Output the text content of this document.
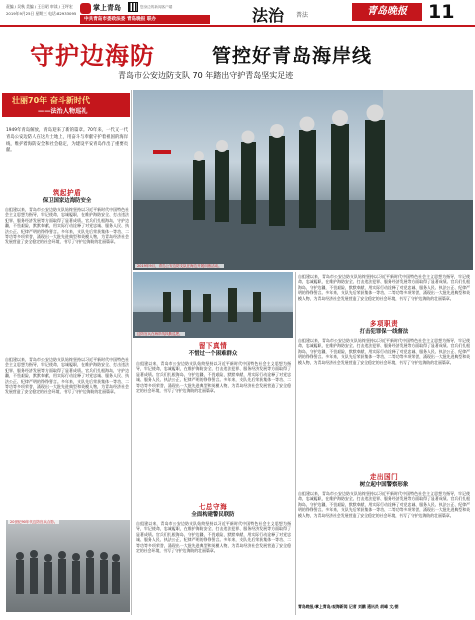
责编 / 吴秋 美编 / 王日昭 审读 / 王坪宏
2019年9月25日 星期三 电话:82933095
掌上青岛	您身边的新闻客户端
中共青岛市委政法委 青岛晚报 联办	法治 普法	青岛晚报	11
守护边海防	管控好青岛海岸线
青岛市公安边防支队 70 年踏出守护青岛坚实足迹
壮丽70年 奋斗新时代
——法治人物巡礼
1949年青岛解放，青岛迎来了新的篇章。70年来，一代又一代青岛公安边防人在这片土地上，用奋斗与奉献守护着祖国的海岸线，维护着海防安全和社会稳定，为建设平安青岛作出了重要贡献。
筑起护盾
保卫国家边海防安全
自组建以来，青岛市公安边防支队始终坚持以习近平新时代中国特色社会主义思想为指导，牢记使命，忠诚履职，在维护海防安全、打击违法犯罪、服务经济发展等方面取得了显著成绩。官兵们扎根海岛，守护边疆，不畏艰险，默默奉献，用实际行动诠释了对党忠诚、服务人民、执法公正、纪律严明的铮铮誓言。多年来，支队先后荣获集体一等功、二等功等多项荣誉，涌现出一大批先进典型和英模人物，为青岛经济社会发展营造了安全稳定的社会环境，书写了守护边海防的壮丽篇章。
自组建以来，青岛市公安边防支队始终坚持以习近平新时代中国特色社会主义思想为指导，牢记使命，忠诚履职，在维护海防安全、打击违法犯罪、服务经济发展等方面取得了显著成绩。官兵们扎根海岛，守护边疆，不畏艰险，默默奉献，用实际行动诠释了对党忠诚、服务人民、执法公正、纪律严明的铮铮誓言。多年来，支队先后荣获集体一等功、二等功等多项荣誉，涌现出一大批先进典型和英模人物，为青岛经济社会发展营造了安全稳定的社会环境，书写了守护边海防的壮丽篇章。
20世纪90年代边防官兵合影。
2019年9月，青岛公安边防支队在海边开展训练活动。
边防官兵在海岸线执勤巡逻。
留下真情
不惜过一个困难群众
自组建以来，青岛市公安边防支队始终坚持以习近平新时代中国特色社会主义思想为指导，牢记使命，忠诚履职，在维护海防安全、打击违法犯罪、服务经济发展等方面取得了显著成绩。官兵们扎根海岛，守护边疆，不畏艰险，默默奉献，用实际行动诠释了对党忠诚、服务人民、执法公正、纪律严明的铮铮誓言。多年来，支队先后荣获集体一等功、二等功等多项荣誉，涌现出一大批先进典型和英模人物，为青岛经济社会发展营造了安全稳定的社会环境，书写了守护边海防的壮丽篇章。
七总守海
全面构建警民联防
自组建以来，青岛市公安边防支队始终坚持以习近平新时代中国特色社会主义思想为指导，牢记使命，忠诚履职，在维护海防安全、打击违法犯罪、服务经济发展等方面取得了显著成绩。官兵们扎根海岛，守护边疆，不畏艰险，默默奉献，用实际行动诠释了对党忠诚、服务人民、执法公正、纪律严明的铮铮誓言。多年来，支队先后荣获集体一等功、二等功等多项荣誉，涌现出一大批先进典型和英模人物，为青岛经济社会发展营造了安全稳定的社会环境，书写了守护边海防的壮丽篇章。
自组建以来，青岛市公安边防支队始终坚持以习近平新时代中国特色社会主义思想为指导，牢记使命，忠诚履职，在维护海防安全、打击违法犯罪、服务经济发展等方面取得了显著成绩。官兵们扎根海岛，守护边疆，不畏艰险，默默奉献，用实际行动诠释了对党忠诚、服务人民、执法公正、纪律严明的铮铮誓言。多年来，支队先后荣获集体一等功、二等功等多项荣誉，涌现出一大批先进典型和英模人物，为青岛经济社会发展营造了安全稳定的社会环境，书写了守护边海防的壮丽篇章。
多项职责
打击犯罪保一线督法
自组建以来，青岛市公安边防支队始终坚持以习近平新时代中国特色社会主义思想为指导，牢记使命，忠诚履职，在维护海防安全、打击违法犯罪、服务经济发展等方面取得了显著成绩。官兵们扎根海岛，守护边疆，不畏艰险，默默奉献，用实际行动诠释了对党忠诚、服务人民、执法公正、纪律严明的铮铮誓言。多年来，支队先后荣获集体一等功、二等功等多项荣誉，涌现出一大批先进典型和英模人物，为青岛经济社会发展营造了安全稳定的社会环境，书写了守护边海防的壮丽篇章。
走出国门
树立起中国警察形象
自组建以来，青岛市公安边防支队始终坚持以习近平新时代中国特色社会主义思想为指导，牢记使命，忠诚履职，在维护海防安全、打击违法犯罪、服务经济发展等方面取得了显著成绩。官兵们扎根海岛，守护边疆，不畏艰险，默默奉献，用实际行动诠释了对党忠诚、服务人民、执法公正、纪律严明的铮铮誓言。多年来，支队先后荣获集体一等功、二等功等多项荣誉，涌现出一大批先进典型和英模人物，为青岛经济社会发展营造了安全稳定的社会环境，书写了守护边海防的壮丽篇章。
青岛晚报/掌上青岛/观海新闻 记者 刘鹏 通讯员 胡峰 文/图
